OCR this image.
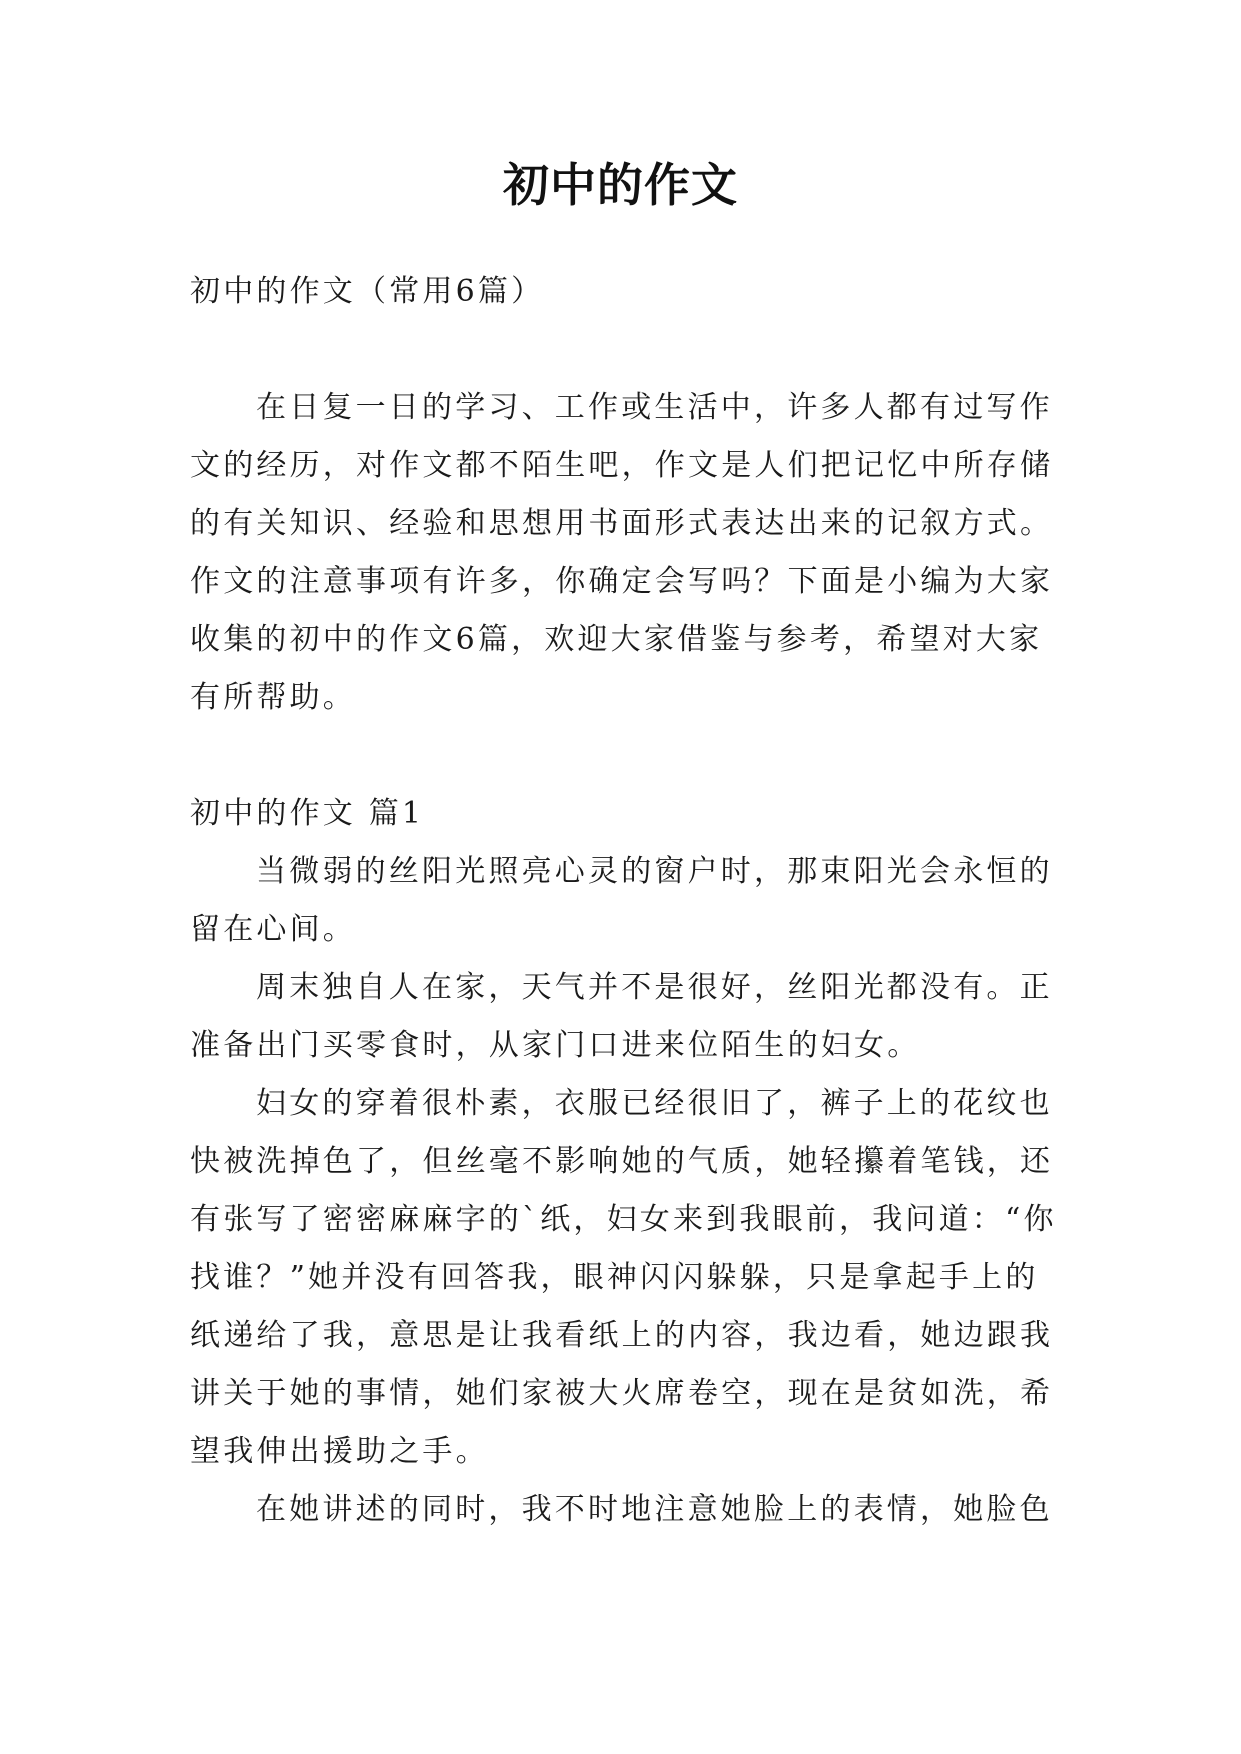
初中的作文
初中的作文（常用6篇）
在日复一日的学习、工作或生活中，许多人都有过写作
文的经历，对作文都不陌生吧，作文是人们把记忆中所存储
的有关知识、经验和思想用书面形式表达出来的记叙方式。
作文的注意事项有许多，你确定会写吗？下面是小编为大家
收集的初中的作文6篇，欢迎大家借鉴与参考，希望对大家
有所帮助。
初中的作文 篇1
当微弱的丝阳光照亮心灵的窗户时，那束阳光会永恒的
留在心间。
周末独自人在家，天气并不是很好，丝阳光都没有。正
准备出门买零食时，从家门口进来位陌生的妇女。
妇女的穿着很朴素，衣服已经很旧了，裤子上的花纹也
快被洗掉色了，但丝毫不影响她的气质，她轻攥着笔钱，还
有张写了密密麻麻字的`纸，妇女来到我眼前，我问道：“你
找谁？”她并没有回答我，眼神闪闪躲躲，只是拿起手上的
纸递给了我，意思是让我看纸上的内容，我边看，她边跟我
讲关于她的事情，她们家被大火席卷空，现在是贫如洗，希
望我伸出援助之手。
在她讲述的同时，我不时地注意她脸上的表情，她脸色
